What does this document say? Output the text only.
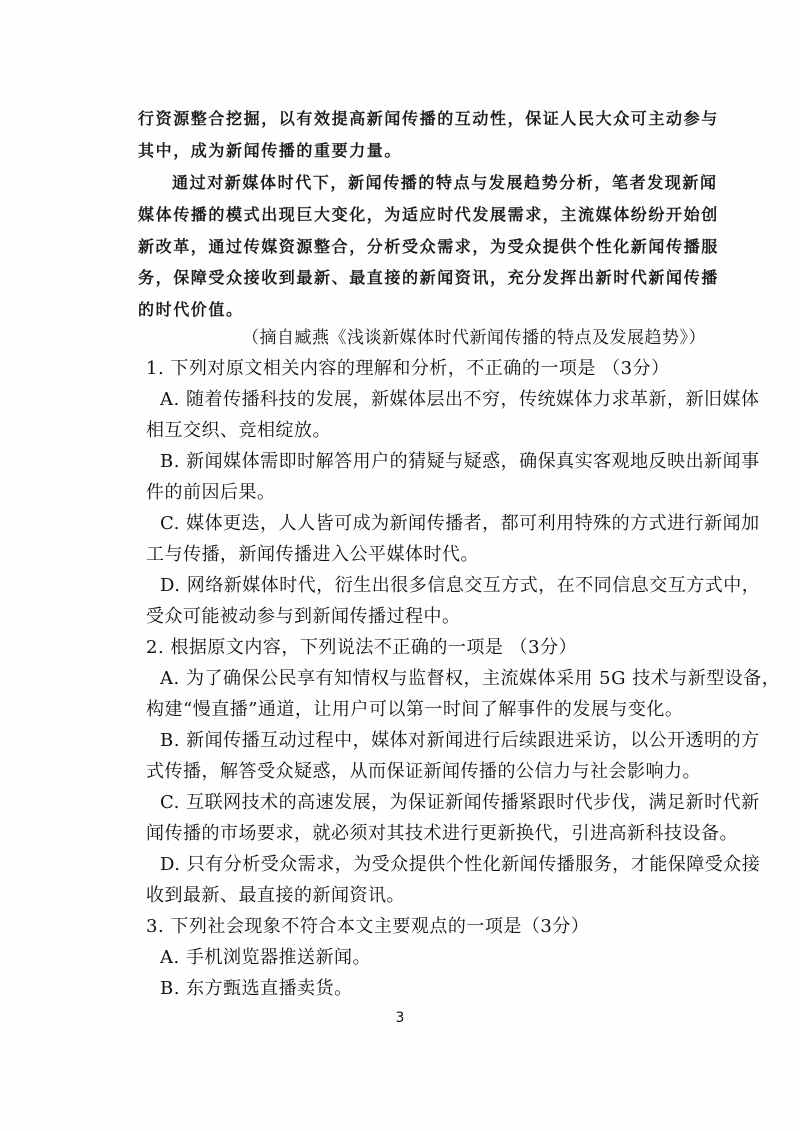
行资源整合挖掘，以有效提高新闻传播的互动性，保证人民大众可主动参与
其中，成为新闻传播的重要力量。
通过对新媒体时代下，新闻传播的特点与发展趋势分析，笔者发现新闻
媒体传播的模式出现巨大变化，为适应时代发展需求，主流媒体纷纷开始创
新改革，通过传媒资源整合，分析受众需求，为受众提供个性化新闻传播服
务，保障受众接收到最新、最直接的新闻资讯，充分发挥出新时代新闻传播
的时代价值。
（摘自臧燕《浅谈新媒体时代新闻传播的特点及发展趋势》）
1. 下列对原文相关内容的理解和分析，不正确的一项是 （3分）
A. 随着传播科技的发展，新媒体层出不穷，传统媒体力求革新，新旧媒体
相互交织、竞相绽放。
B. 新闻媒体需即时解答用户的猜疑与疑惑，确保真实客观地反映出新闻事
件的前因后果。
C. 媒体更迭，人人皆可成为新闻传播者，都可利用特殊的方式进行新闻加
工与传播，新闻传播进入公平媒体时代。
D. 网络新媒体时代，衍生出很多信息交互方式，在不同信息交互方式中，
受众可能被动参与到新闻传播过程中。
2. 根据原文内容，下列说法不正确的一项是 （3分）
A. 为了确保公民享有知情权与监督权，主流媒体采用 5G 技术与新型设备，
构建“慢直播”通道，让用户可以第一时间了解事件的发展与变化。
B. 新闻传播互动过程中，媒体对新闻进行后续跟进采访，以公开透明的方
式传播，解答受众疑惑，从而保证新闻传播的公信力与社会影响力。
C. 互联网技术的高速发展，为保证新闻传播紧跟时代步伐，满足新时代新
闻传播的市场要求，就必须对其技术进行更新换代，引进高新科技设备。
D. 只有分析受众需求，为受众提供个性化新闻传播服务，才能保障受众接
收到最新、最直接的新闻资讯。
3. 下列社会现象不符合本文主要观点的一项是（3分）
A. 手机浏览器推送新闻。
B. 东方甄选直播卖货。
3
